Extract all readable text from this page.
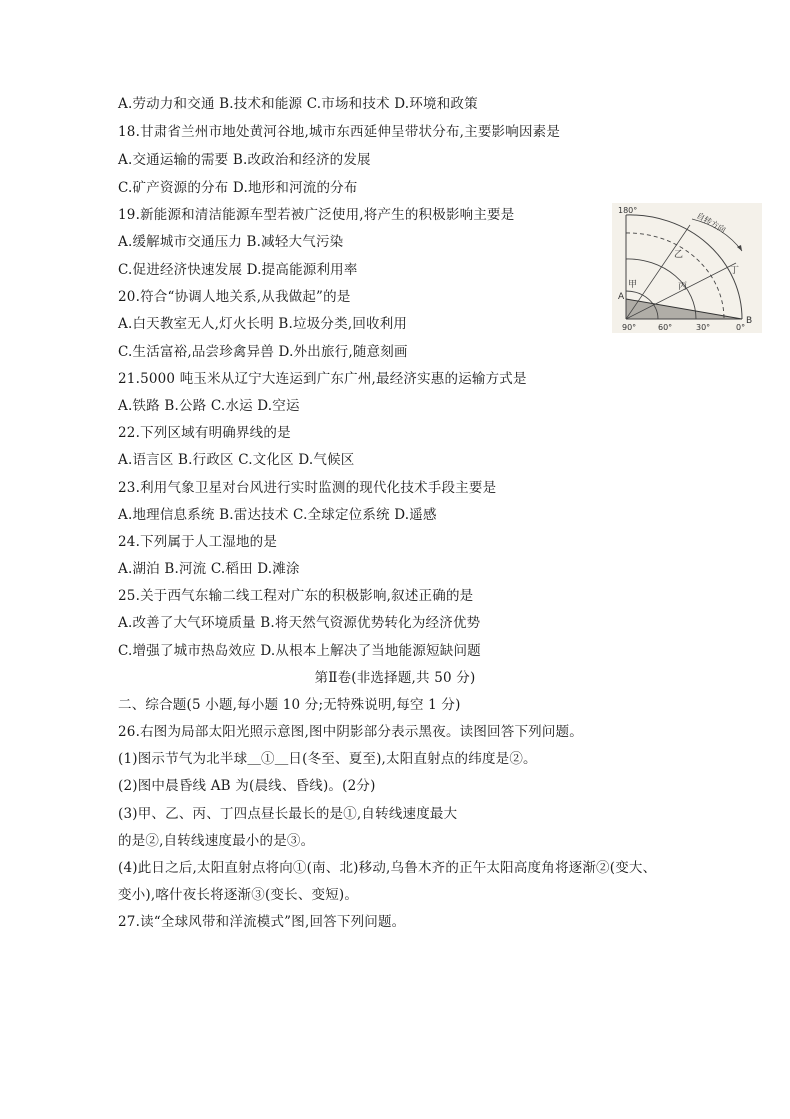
A.劳动力和交通 B.技术和能源 C.市场和技术 D.环境和政策
18.甘肃省兰州市地处黄河谷地,城市东西延伸呈带状分布,主要影响因素是
A.交通运输的需要 B.改政治和经济的发展
C.矿产资源的分布 D.地形和河流的分布
19.新能源和清洁能源车型若被广泛使用,将产生的积极影响主要是
A.缓解城市交通压力 B.减轻大气污染
C.促进经济快速发展 D.提高能源利用率
20.符合“协调人地关系,从我做起”的是
A.白天教室无人,灯火长明 B.垃圾分类,回收利用
C.生活富裕,品尝珍禽异兽 D.外出旅行,随意刻画
21.5000 吨玉米从辽宁大连运到广东广州,最经济实惠的运输方式是
A.铁路 B.公路 C.水运 D.空运
22.下列区域有明确界线的是
A.语言区 B.行政区 C.文化区 D.气候区
23.利用气象卫星对台风进行实时监测的现代化技术手段主要是
A.地理信息系统 B.雷达技术 C.全球定位系统 D.遥感
24.下列属于人工湿地的是
A.湖泊 B.河流 C.稻田 D.滩涂
25.关于西气东输二线工程对广东的积极影响,叙述正确的是
A.改善了大气环境质量 B.将天然气资源优势转化为经济优势
C.增强了城市热岛效应 D.从根本上解决了当地能源短缺问题
第Ⅱ卷(非选择题,共 50 分)
二、综合题(5 小题,每小题 10 分;无特殊说明,每空 1 分)
26.右图为局部太阳光照示意图,图中阴影部分表示黑夜。读图回答下列问题。
(1)图示节气为北半球＿①＿日(冬至、夏至),太阳直射点的纬度是②。
(2)图中晨昏线 AB 为(晨线、昏线)。(2分)
(3)甲、乙、丙、丁四点昼长最长的是①,自转线速度最大
的是②,自转线速度最小的是③。
(4)此日之后,太阳直射点将向①(南、北)移动,乌鲁木齐的正午太阳高度角将逐渐②(变大、
变小),喀什夜长将逐渐③(变长、变短)。
27.读“全球风带和洋流模式”图,回答下列问题。
180°
90°	60°	30°	0°
A
B
甲
乙
丙
丁
自转方向
